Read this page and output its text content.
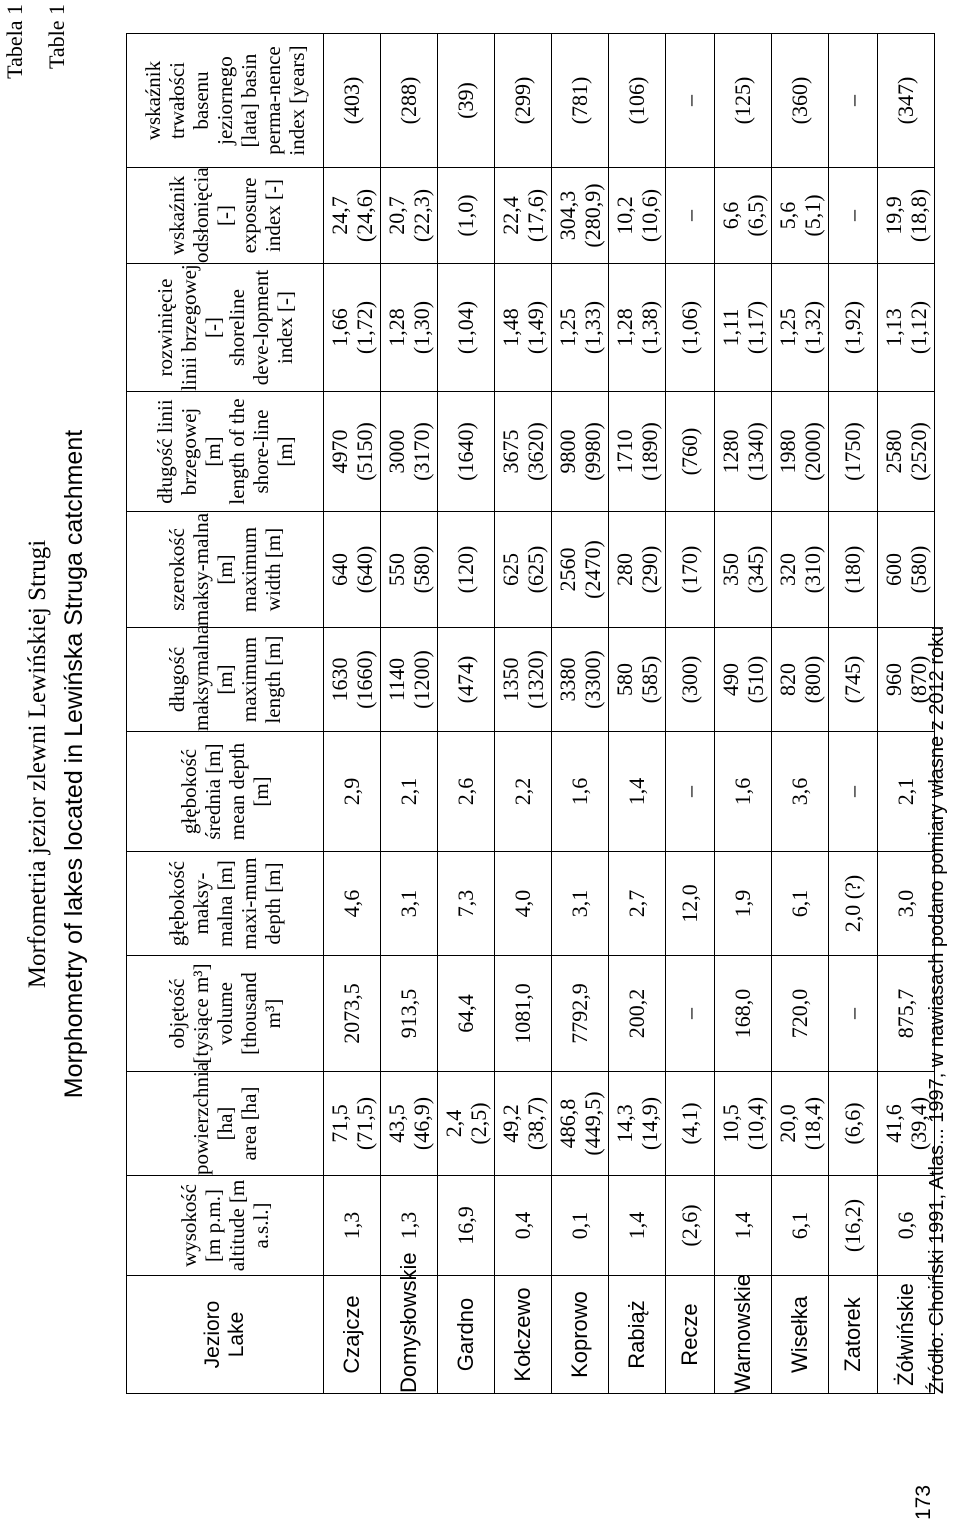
Tabela 1 Table 1
Morfometria jezior zlewni Lewińskiej Strugi Morphometry of lakes located in Lewińska Struga catchment
Jezioro Lake	wysokość [m p.m.] altitude [m a.s.l.]	powierzchnia [ha] area [ha]	objętość [tysiące m³] volume [thousand m³]	głębokość maksy-malna [m] maxi-mum depth [m]	głębokość średnia [m] mean depth [m]	długość maksymalna [m] maximum length [m]	szerokość maksy-malna [m] maximum width [m]	długość linii brzegowej [m] length of the shore-line [m]	rozwinięcie linii brzegowej [-] shoreline deve-lopment index [-]	wskaźnik odsłonięcia [-] exposure index [-]	wskaźnik trwałości basenu jeziornego [lata] basin perma-nence index [years]

Czajcze	1,3	71,5 (71,5)	2073,5	4,6	2,9	1630 (1660)	640 (640)	4970 (5150)	1,66 (1,72)	24,7 (24,6)	(403)

Domysłowskie	1,3	43,5 (46,9)	913,5	3,1	2,1	1140 (1200)	550 (580)	3000 (3170)	1,28 (1,30)	20,7 (22,3)	(288)

Gardno	16,9	2,4 (2,5)	64,4	7,3	2,6	(474)	(120)	(1640)	(1,04)	(1,0)	(39)

Kołczewo	0,4	49,2 (38,7)	1081,0	4,0	2,2	1350 (1320)	625 (625)	3675 (3620)	1,48 (1,49)	22,4 (17,6)	(299)

Koprowo	0,1	486,8 (449,5)	7792,9	3,1	1,6	3380 (3300)	2560 (2470)	9800 (9980)	1,25 (1,33)	304,3 (280,9)	(781)

Rabiąż	1,4	14,3 (14,9)	200,2	2,7	1,4	580 (585)	280 (290)	1710 (1890)	1,28 (1,38)	10,2 (10,6)	(106)

Recze	(2,6)	(4,1)	–	12,0	–	(300)	(170)	(760)	(1,06)	–	–

Warnowskie	1,4	10,5 (10,4)	168,0	1,9	1,6	490 (510)	350 (345)	1280 (1340)	1,11 (1,17)	6,6 (6,5)	(125)

Wisełka	6,1	20,0 (18,4)	720,0	6,1	3,6	820 (800)	320 (310)	1980 (2000)	1,25 (1,32)	5,6 (5,1)	(360)

Zatorek	(16,2)	(6,6)	–	2,0 (?)	–	(745)	(180)	(1750)	(1,92)	–	–

Żółwińskie	0,6	41,6 (39,4)	875,7	3,0	2,1	960 (870)	600 (580)	2580 (2520)	1,13 (1,12)	19,9 (18,8)	(347)
Źródło: Choiński 1991, Atlas... 1997, w nawiasach podano pomiary własne z 2012 roku
173
